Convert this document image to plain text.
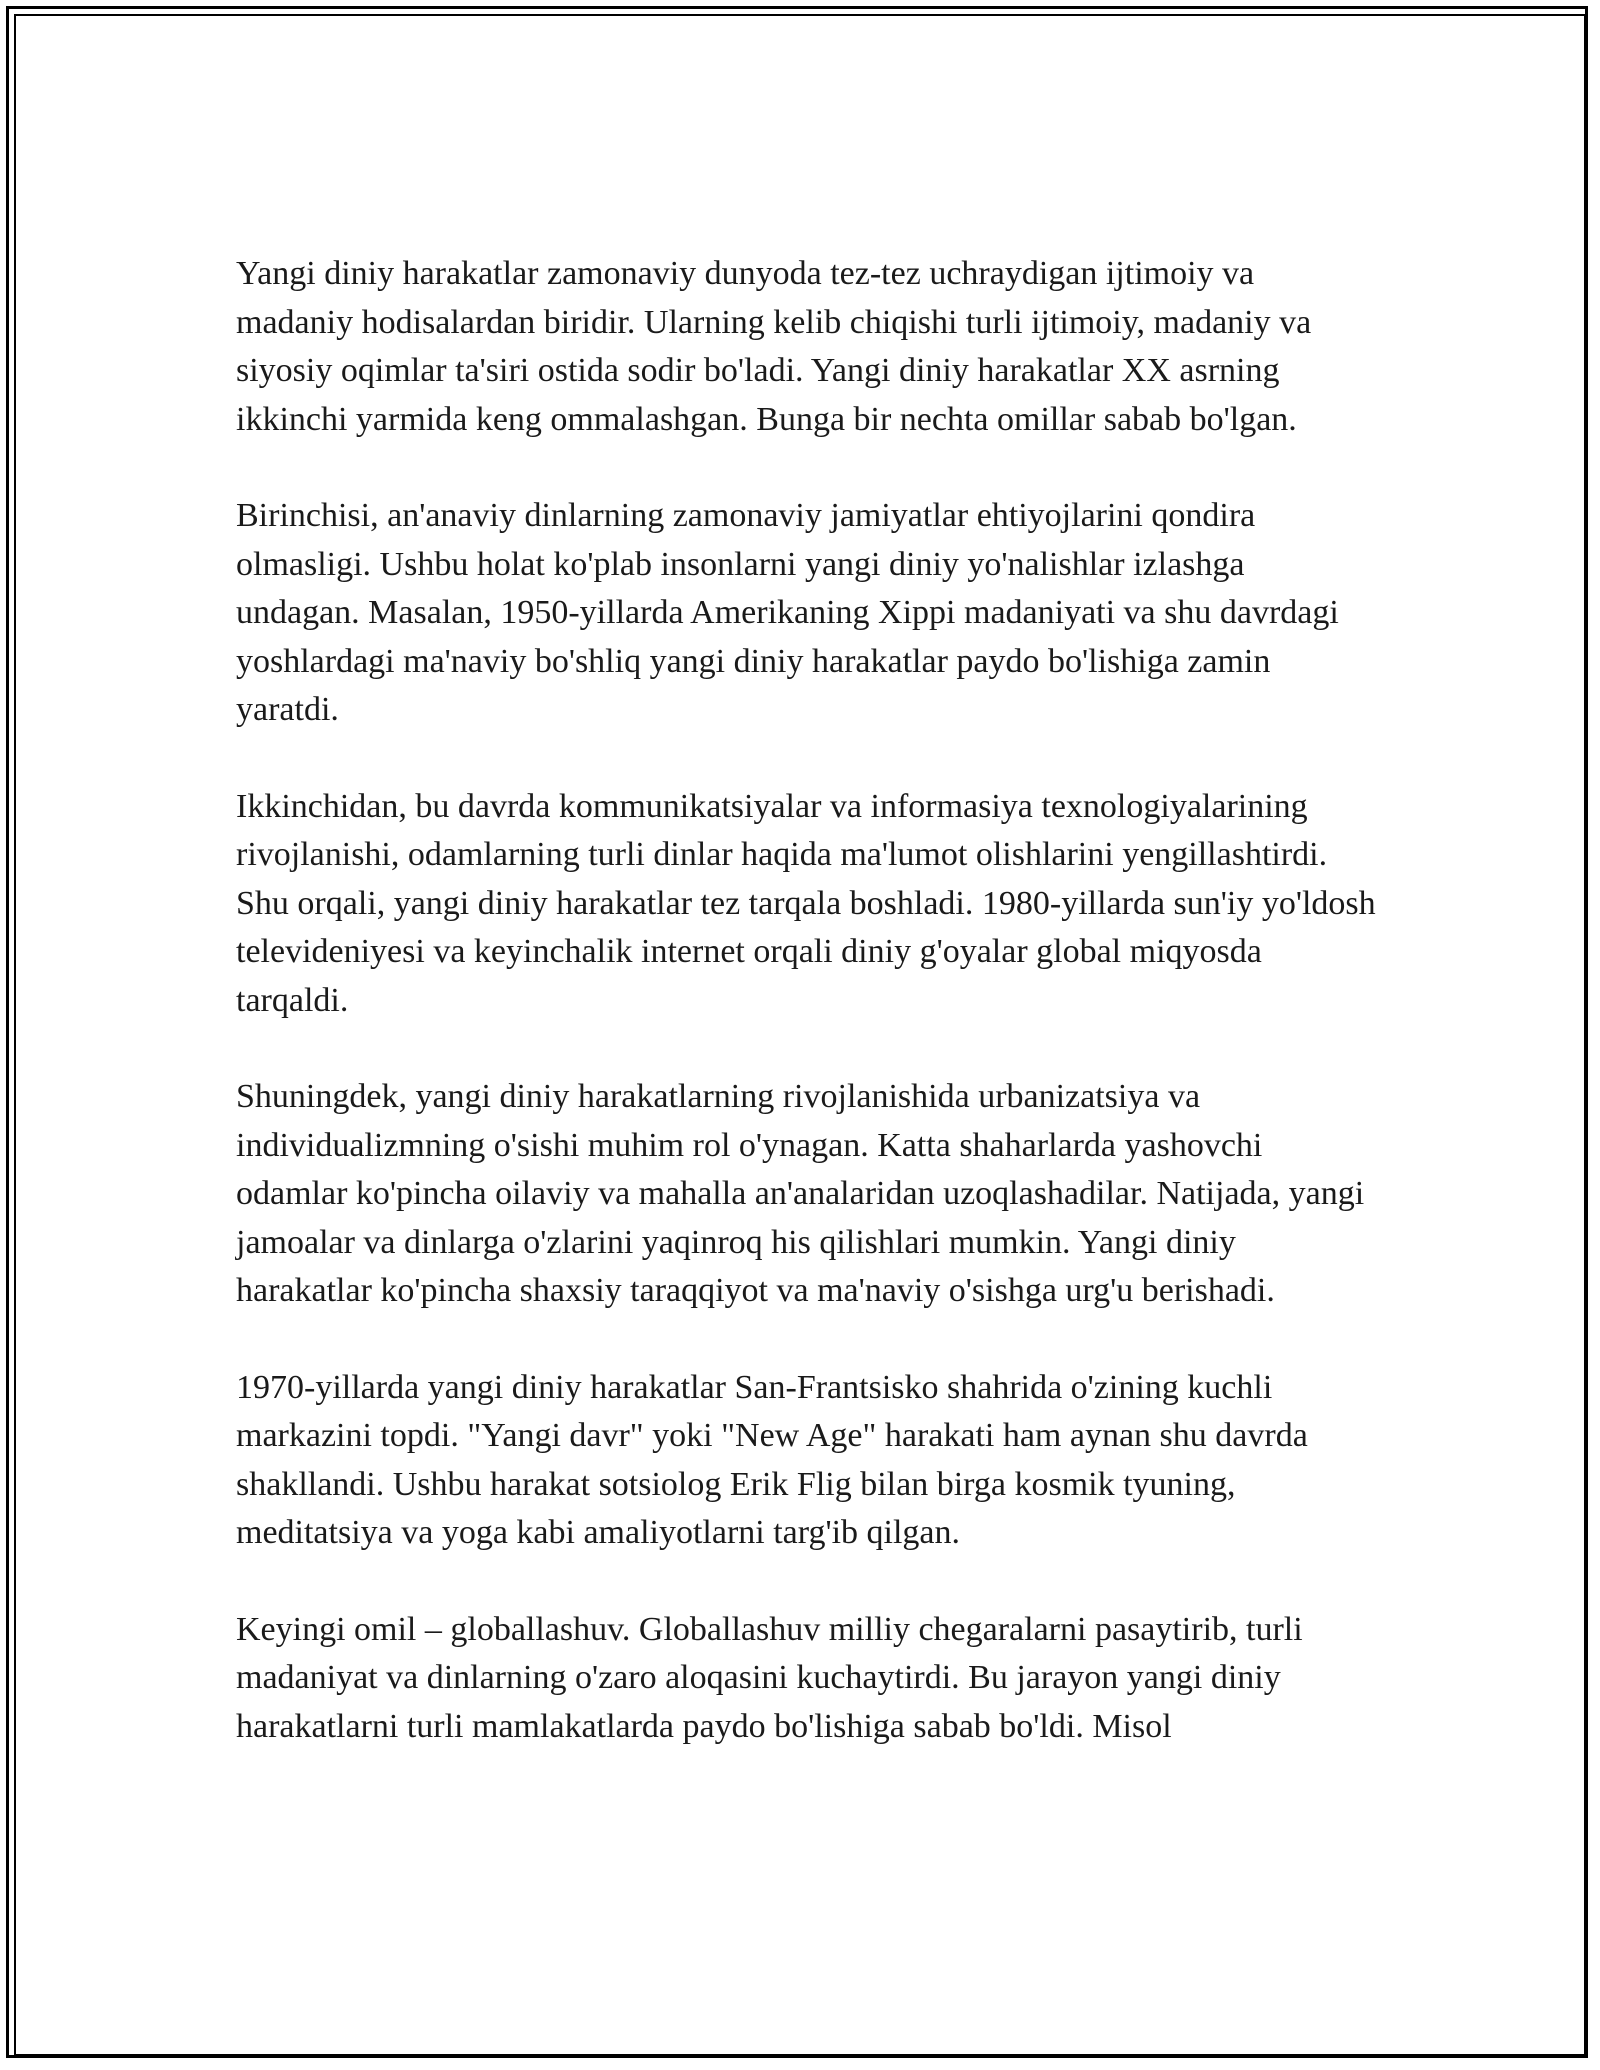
Yangi diniy harakatlar zamonaviy dunyoda tez-tez uchraydigan ijtimoiy va madaniy hodisalardan biridir. Ularning kelib chiqishi turli ijtimoiy, madaniy va siyosiy oqimlar ta'siri ostida sodir bo'ladi. Yangi diniy harakatlar XX asrning ikkinchi yarmida keng ommalashgan. Bunga bir nechta omillar sabab bo'lgan.

Birinchisi, an'anaviy dinlarning zamonaviy jamiyatlar ehtiyojlarini qondira olmasligi. Ushbu holat ko'plab insonlarni yangi diniy yo'nalishlar izlashga undagan. Masalan, 1950-yillarda Amerikaning Xippi madaniyati va shu davrdagi yoshlardagi ma'naviy bo'shliq yangi diniy harakatlar paydo bo'lishiga zamin yaratdi.

Ikkinchidan, bu davrda kommunikatsiyalar va informasiya texnologiyalarining rivojlanishi, odamlarning turli dinlar haqida ma'lumot olishlarini yengillashtirdi. Shu orqali, yangi diniy harakatlar tez tarqala boshladi. 1980-yillarda sun'iy yo'ldosh televideniyesi va keyinchalik internet orqali diniy g'oyalar global miqyosda tarqaldi.

Shuningdek, yangi diniy harakatlarning rivojlanishida urbanizatsiya va individualizmning o'sishi muhim rol o'ynagan. Katta shaharlarda yashovchi odamlar ko'pincha oilaviy va mahalla an'analaridan uzoqlashadilar. Natijada, yangi jamoalar va dinlarga o'zlarini yaqinroq his qilishlari mumkin. Yangi diniy harakatlar ko'pincha shaxsiy taraqqiyot va ma'naviy o'sishga urg'u berishadi.

1970-yillarda yangi diniy harakatlar San-Frantsisko shahrida o'zining kuchli markazini topdi. "Yangi davr" yoki "New Age" harakati ham aynan shu davrda shakllandi. Ushbu harakat sotsiolog Erik Flig bilan birga kosmik tyuning, meditatsiya va yoga kabi amaliyotlarni targ'ib qilgan.

Keyingi omil – globallashuv. Globallashuv milliy chegaralarni pasaytirib, turli madaniyat va dinlarning o'zaro aloqasini kuchaytirdi. Bu jarayon yangi diniy harakatlarni turli mamlakatlarda paydo bo'lishiga sabab bo'ldi. Misol
